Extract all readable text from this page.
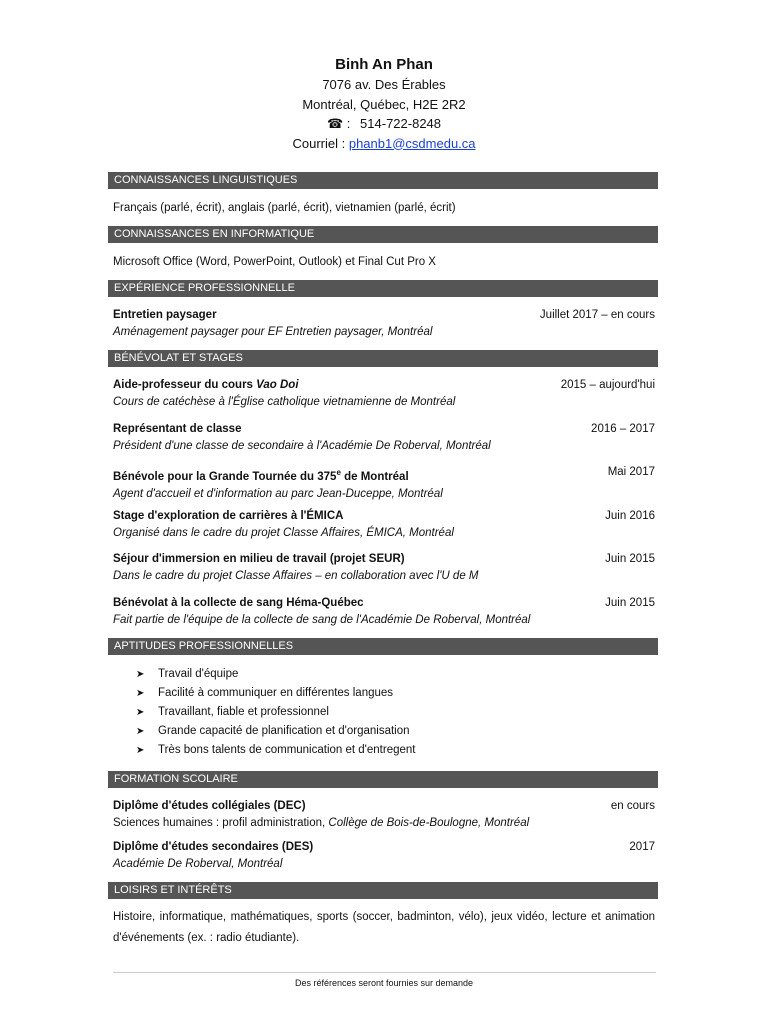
Binh An Phan
7076 av. Des Érables
Montréal, Québec, H2E 2R2
☎ : 514-722-8248
Courriel : phanb1@csdmedu.ca
CONNAISSANCES LINGUISTIQUES
Français (parlé, écrit), anglais (parlé, écrit), vietnamien (parlé, écrit)
CONNAISSANCES EN INFORMATIQUE
Microsoft Office (Word, PowerPoint, Outlook) et Final Cut Pro X
EXPÉRIENCE PROFESSIONNELLE
Entretien paysager	Juillet 2017 – en cours
Aménagement paysager pour EF Entretien paysager, Montréal
BÉNÉVOLAT ET STAGES
Aide-professeur du cours Vao Doi	2015 – aujourd'hui
Cours de catéchèse à l'Église catholique vietnamienne de Montréal
Représentant de classe	2016 – 2017
Président d'une classe de secondaire à l'Académie De Roberval, Montréal
Bénévole pour la Grande Tournée du 375e de Montréal	Mai 2017
Agent d'accueil et d'information au parc Jean-Duceppe, Montréal
Stage d'exploration de carrières à l'ÉMICA	Juin 2016
Organisé dans le cadre du projet Classe Affaires, ÉMICA, Montréal
Séjour d'immersion en milieu de travail (projet SEUR)	Juin 2015
Dans le cadre du projet Classe Affaires – en collaboration avec l'U de M
Bénévolat à la collecte de sang Héma-Québec	Juin 2015
Fait partie de l'équipe de la collecte de sang de l'Académie De Roberval, Montréal
APTITUDES PROFESSIONNELLES
➤	Travail d'équipe
➤	Facilité à communiquer en différentes langues
➤	Travaillant, fiable et professionnel
➤	Grande capacité de planification et d'organisation
➤	Très bons talents de communication et d'entregent
FORMATION SCOLAIRE
Diplôme d'études collégiales (DEC)	en cours
Sciences humaines : profil administration, Collège de Bois-de-Boulogne, Montréal
Diplôme d'études secondaires (DES)	2017
Académie De Roberval, Montréal
LOISIRS ET INTÉRÊTS
Histoire, informatique, mathématiques, sports (soccer, badminton, vélo), jeux vidéo, lecture et animation d'événements (ex. : radio étudiante).
Des références seront fournies sur demande
